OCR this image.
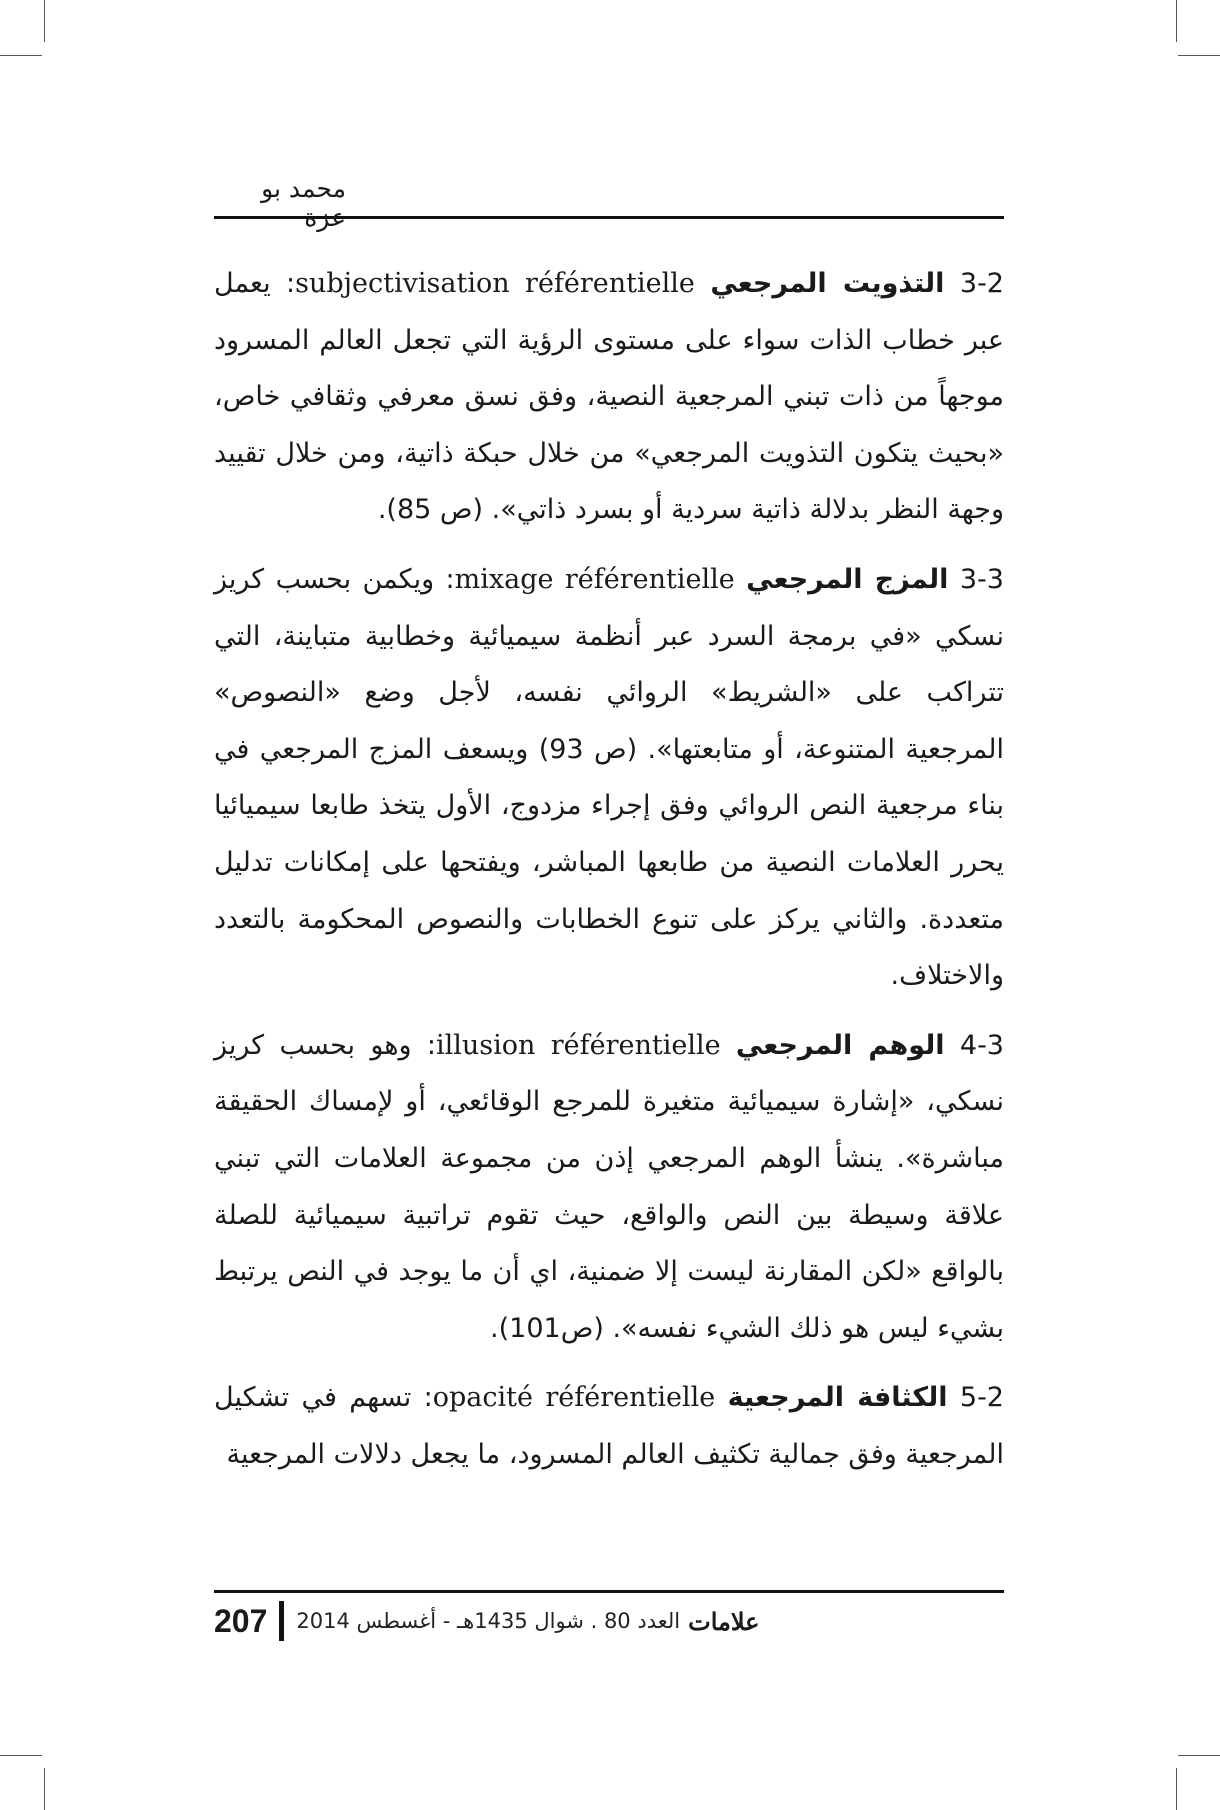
محمد بو عزة

3-2 التذويت المرجعي subjectivisation référentielle: يعمل عبر خطاب الذات سواء على مستوى الرؤية التي تجعل العالم المسرود موجهاً من ذات تبني المرجعية النصية، وفق نسق معرفي وثقافي خاص، «بحيث يتكون التذويت المرجعي» من خلال حبكة ذاتية، ومن خلال تقييد وجهة النظر بدلالة ذاتية سردية أو بسرد ذاتي». (ص 85).

3-3 المزج المرجعي mixage référentielle: ويكمن بحسب كريز نسكي «في برمجة السرد عبر أنظمة سيميائية وخطابية متباينة، التي تتراكب على «الشريط» الروائي نفسه، لأجل وضع «النصوص» المرجعية المتنوعة، أو متابعتها». (ص 93) ويسعف المزج المرجعي في بناء مرجعية النص الروائي وفق إجراء مزدوج، الأول يتخذ طابعا سيميائيا يحرر العلامات النصية من طابعها المباشر، ويفتحها على إمكانات تدليل متعددة. والثاني يركز على تنوع الخطابات والنصوص المحكومة بالتعدد والاختلاف.

4-3 الوهم المرجعي illusion référentielle: وهو بحسب كريز نسكي، «إشارة سيميائية متغيرة للمرجع الوقائعي، أو لإمساك الحقيقة مباشرة». ينشأ الوهم المرجعي إذن من مجموعة العلامات التي تبني علاقة وسيطة بين النص والواقع، حيث تقوم تراتبية سيميائية للصلة بالواقع «لكن المقارنة ليست إلا ضمنية، اي أن ما يوجد في النص يرتبط بشيء ليس هو ذلك الشيء نفسه». (ص101).

5-2 الكثافة المرجعية opacité référentielle: تسهم في تشكيل المرجعية وفق جمالية تكثيف العالم المسرود، ما يجعل دلالات المرجعية

207 العدد 80 . شوال 1435هـ - أغسطس 2014 علامات
